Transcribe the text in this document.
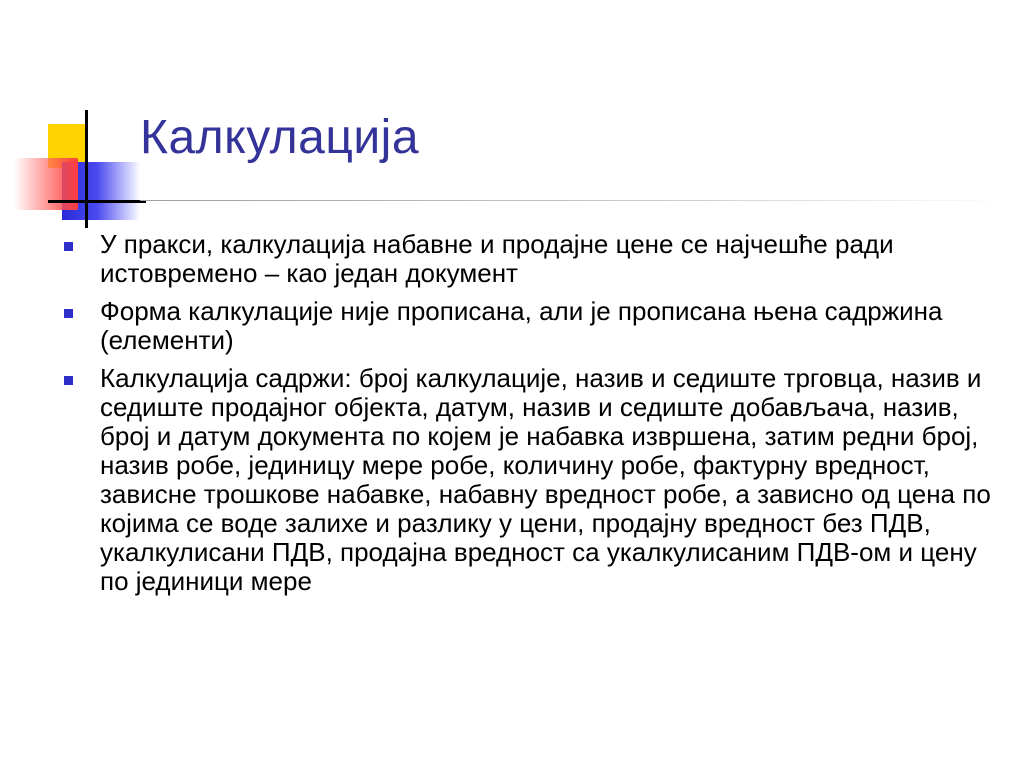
Калкулација
У пракси, калкулација набавне и продајне цене се најчешће ради истовремено – као један документ
Форма калкулације није прописана, али је прописана њена садржина (елементи)
Калкулација садржи: број калкулације, назив и седиште трговца, назив и седиште продајног објекта, датум, назив и седиште добављача, назив, број и датум документа по којем је набавка извршена, затим редни број, назив робе, јединицу мере робе, количину робе, фактурну вредност, зависне трошкове набавке, набавну вредност робе, а зависно од цена по којима се воде залихе и разлику у цени, продајну вредност без ПДВ, укалкулисани ПДВ, продајна вредност са укалкулисаним ПДВ-ом и цену по јединици мере
